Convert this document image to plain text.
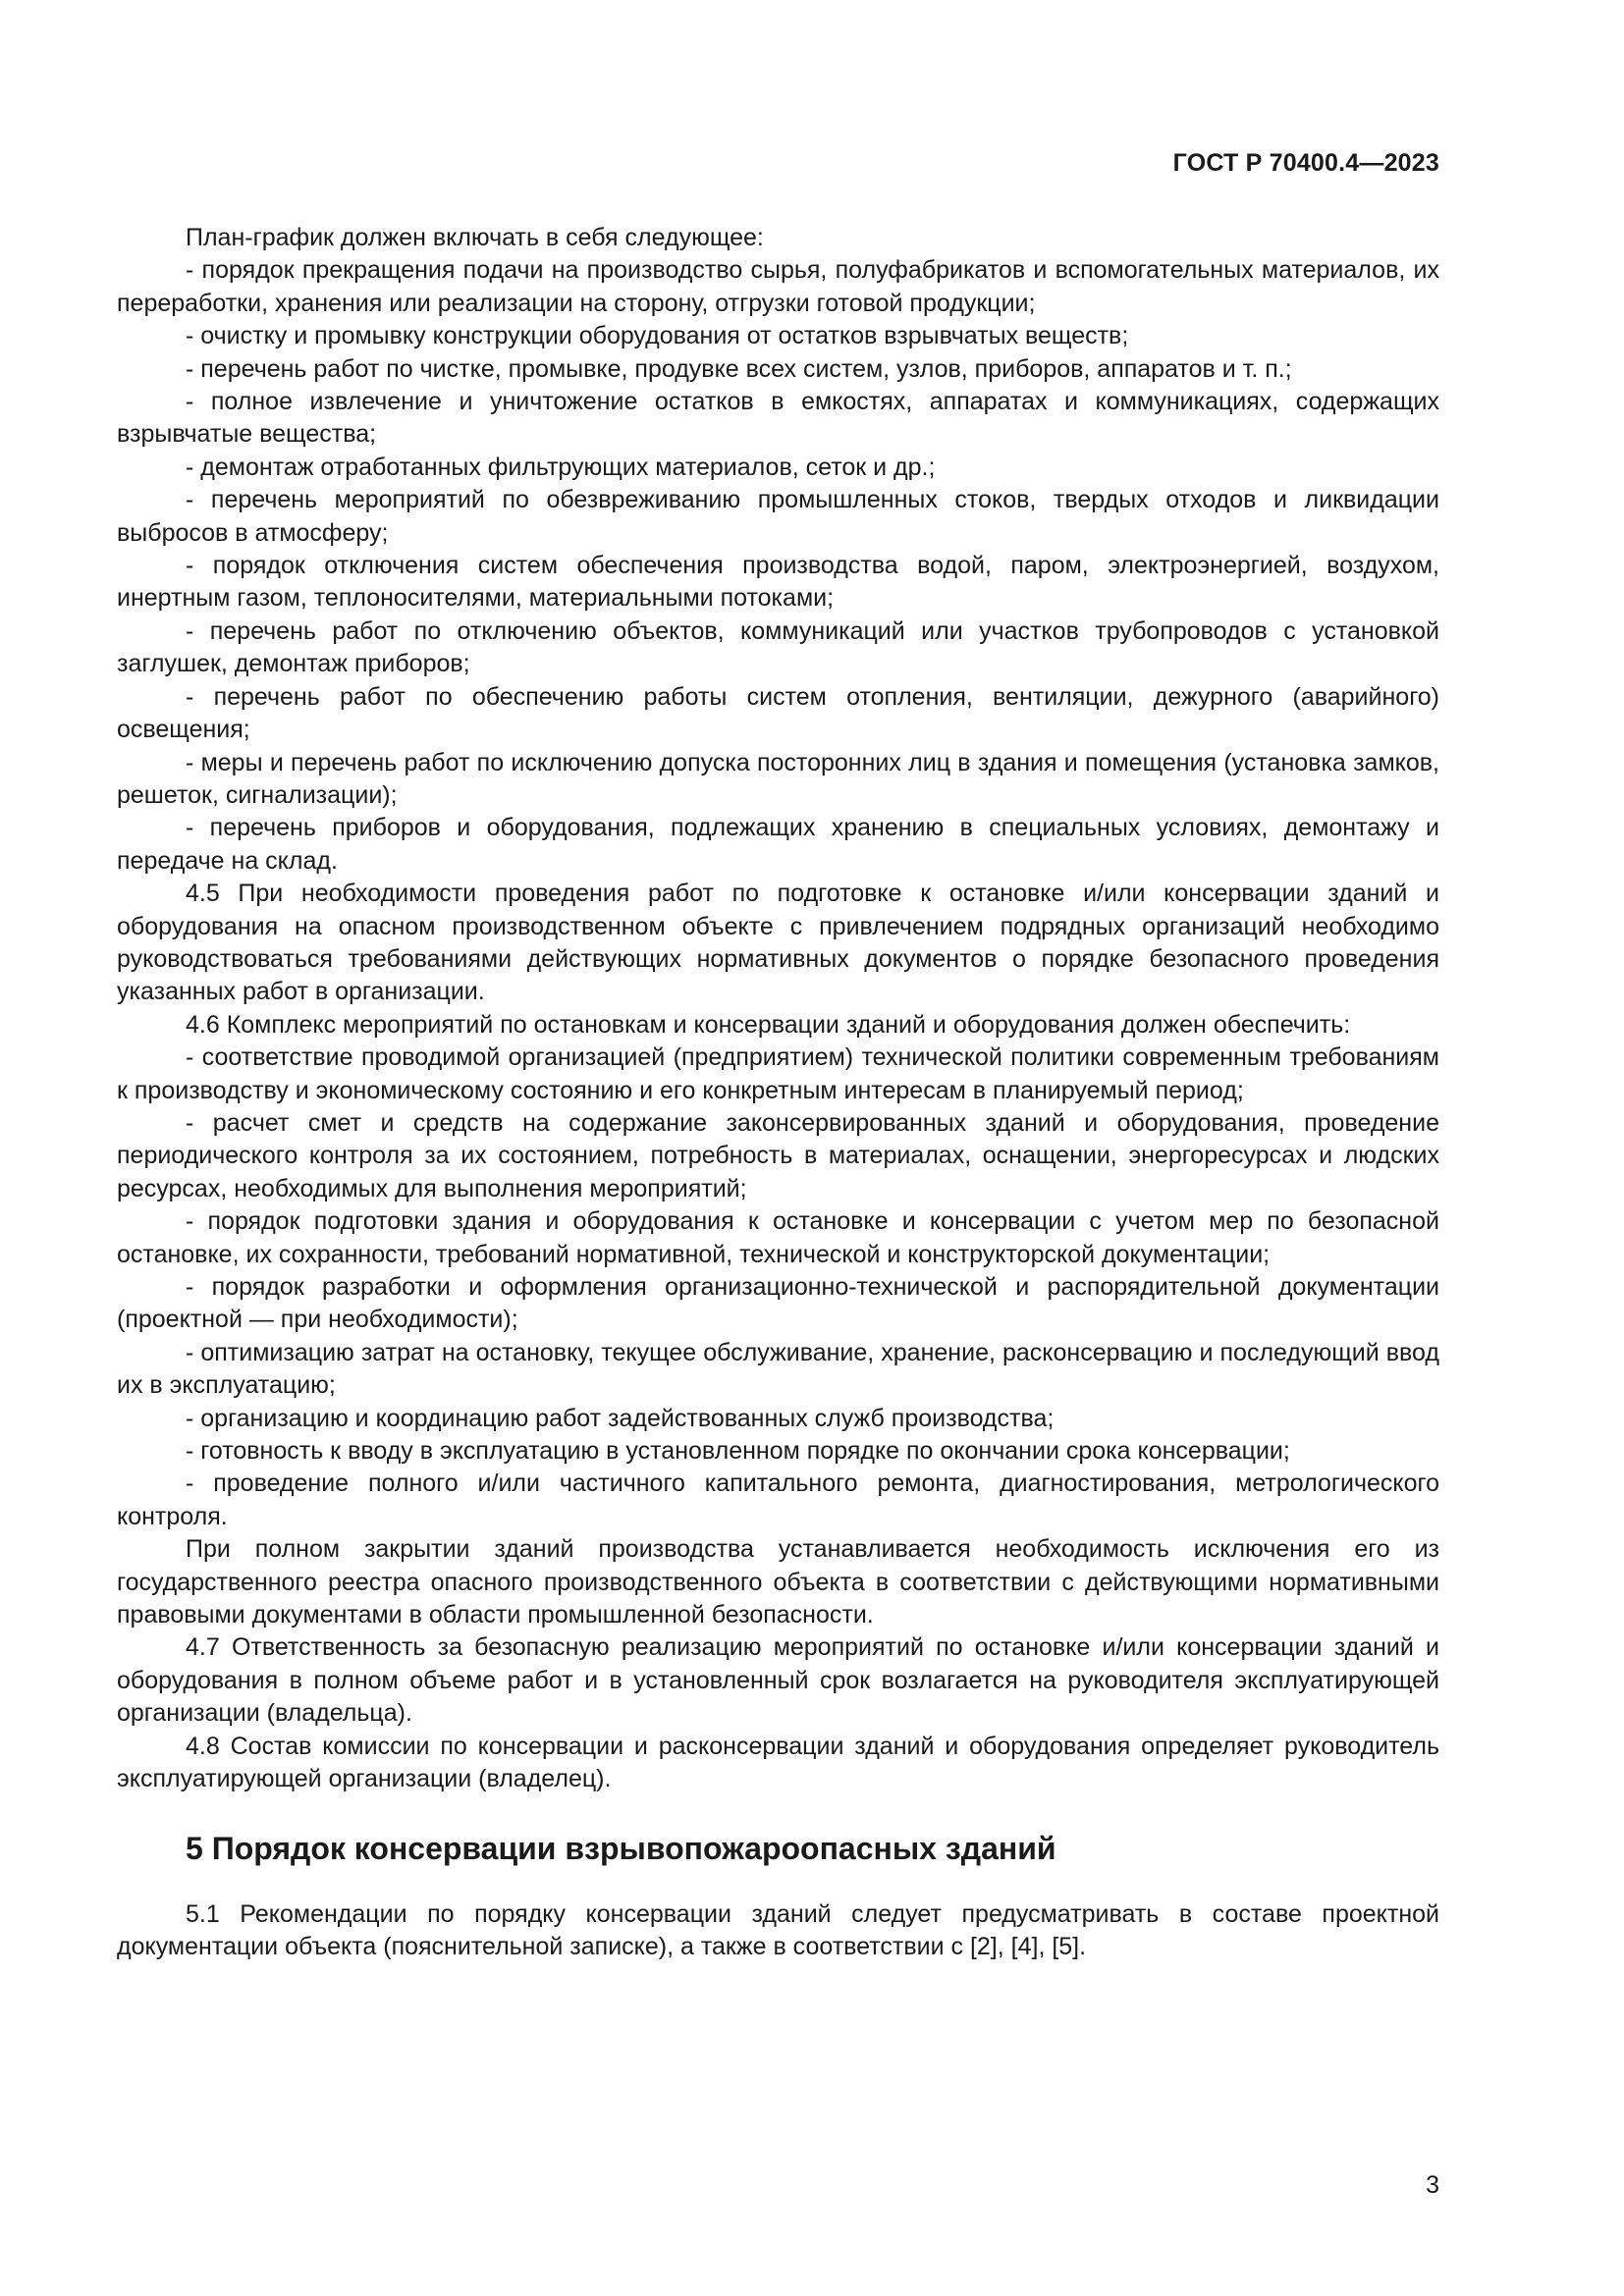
ГОСТ Р 70400.4—2023

План-график должен включать в себя следующее:

- порядок прекращения подачи на производство сырья, полуфабрикатов и вспомогательных материалов, их переработки, хранения или реализации на сторону, отгрузки готовой продукции;

- очистку и промывку конструкции оборудования от остатков взрывчатых веществ;

- перечень работ по чистке, промывке, продувке всех систем, узлов, приборов, аппаратов и т. п.;

- полное извлечение и уничтожение остатков в емкостях, аппаратах и коммуникациях, содержащих взрывчатые вещества;

- демонтаж отработанных фильтрующих материалов, сеток и др.;

- перечень мероприятий по обезвреживанию промышленных стоков, твердых отходов и ликвидации выбросов в атмосферу;

- порядок отключения систем обеспечения производства водой, паром, электроэнергией, воздухом, инертным газом, теплоносителями, материальными потоками;

- перечень работ по отключению объектов, коммуникаций или участков трубопроводов с установкой заглушек, демонтаж приборов;

- перечень работ по обеспечению работы систем отопления, вентиляции, дежурного (аварийного) освещения;

- меры и перечень работ по исключению допуска посторонних лиц в здания и помещения (установка замков, решеток, сигнализации);

- перечень приборов и оборудования, подлежащих хранению в специальных условиях, демонтажу и передаче на склад.

4.5 При необходимости проведения работ по подготовке к остановке и/или консервации зданий и оборудования на опасном производственном объекте с привлечением подрядных организаций необходимо руководствоваться требованиями действующих нормативных документов о порядке безопасного проведения указанных работ в организации.

4.6 Комплекс мероприятий по остановкам и консервации зданий и оборудования должен обеспечить:

- соответствие проводимой организацией (предприятием) технической политики современным требованиям к производству и экономическому состоянию и его конкретным интересам в планируемый период;

- расчет смет и средств на содержание законсервированных зданий и оборудования, проведение периодического контроля за их состоянием, потребность в материалах, оснащении, энергоресурсах и людских ресурсах, необходимых для выполнения мероприятий;

- порядок подготовки здания и оборудования к остановке и консервации с учетом мер по безопасной остановке, их сохранности, требований нормативной, технической и конструкторской документации;

- порядок разработки и оформления организационно-технической и распорядительной документации (проектной — при необходимости);

- оптимизацию затрат на остановку, текущее обслуживание, хранение, расконсервацию и последующий ввод их в эксплуатацию;

- организацию и координацию работ задействованных служб производства;

- готовность к вводу в эксплуатацию в установленном порядке по окончании срока консервации;

- проведение полного и/или частичного капитального ремонта, диагностирования, метрологического контроля.

При полном закрытии зданий производства устанавливается необходимость исключения его из государственного реестра опасного производственного объекта в соответствии с действующими нормативными правовыми документами в области промышленной безопасности.

4.7 Ответственность за безопасную реализацию мероприятий по остановке и/или консервации зданий и оборудования в полном объеме работ и в установленный срок возлагается на руководителя эксплуатирующей организации (владельца).

4.8 Состав комиссии по консервации и расконсервации зданий и оборудования определяет руководитель эксплуатирующей организации (владелец).

5 Порядок консервации взрывопожароопасных зданий

5.1 Рекомендации по порядку консервации зданий следует предусматривать в составе проектной документации объекта (пояснительной записке), а также в соответствии с [2], [4], [5].

3
